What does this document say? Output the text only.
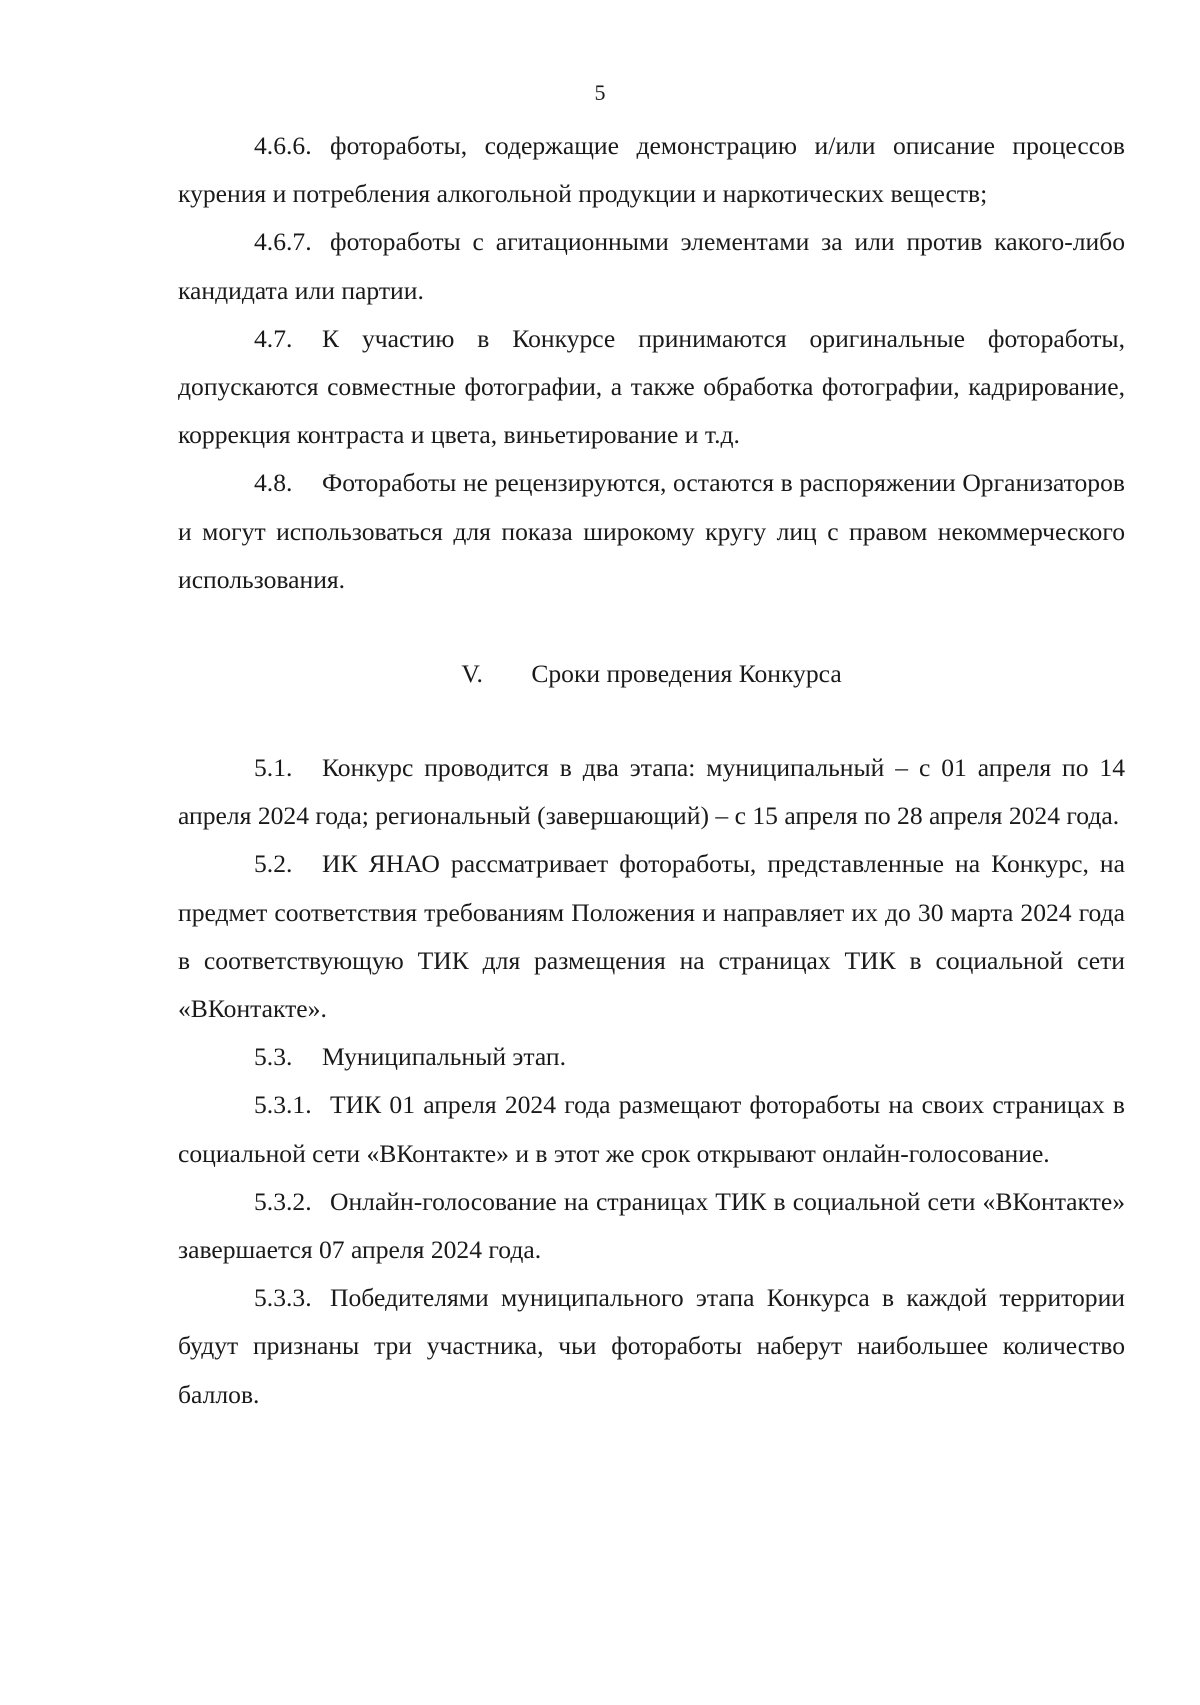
5

4.6.6. фотоработы, содержащие демонстрацию и/или описание процессов курения и потребления алкогольной продукции и наркотических веществ;

4.6.7. фотоработы с агитационными элементами за или против какого-либо кандидата или партии.

4.7. К участию в Конкурсе принимаются оригинальные фотоработы, допускаются совместные фотографии, а также обработка фотографии, кадрирование, коррекция контраста и цвета, виньетирование и т.д.

4.8. Фотоработы не рецензируются, остаются в распоряжении Организаторов и могут использоваться для показа широкому кругу лиц с правом некоммерческого использования.

V. Сроки проведения Конкурса

5.1. Конкурс проводится в два этапа: муниципальный – с 01 апреля по 14 апреля 2024 года; региональный (завершающий) – с 15 апреля по 28 апреля 2024 года.

5.2. ИК ЯНАО рассматривает фотоработы, представленные на Конкурс, на предмет соответствия требованиям Положения и направляет их до 30 марта 2024 года в соответствующую ТИК для размещения на страницах ТИК в социальной сети «ВКонтакте».

5.3. Муниципальный этап.

5.3.1. ТИК 01 апреля 2024 года размещают фотоработы на своих страницах в социальной сети «ВКонтакте» и в этот же срок открывают онлайн-голосование.

5.3.2. Онлайн-голосование на страницах ТИК в социальной сети «ВКонтакте» завершается 07 апреля 2024 года.

5.3.3. Победителями муниципального этапа Конкурса в каждой территории будут признаны три участника, чьи фотоработы наберут наибольшее количество баллов.
